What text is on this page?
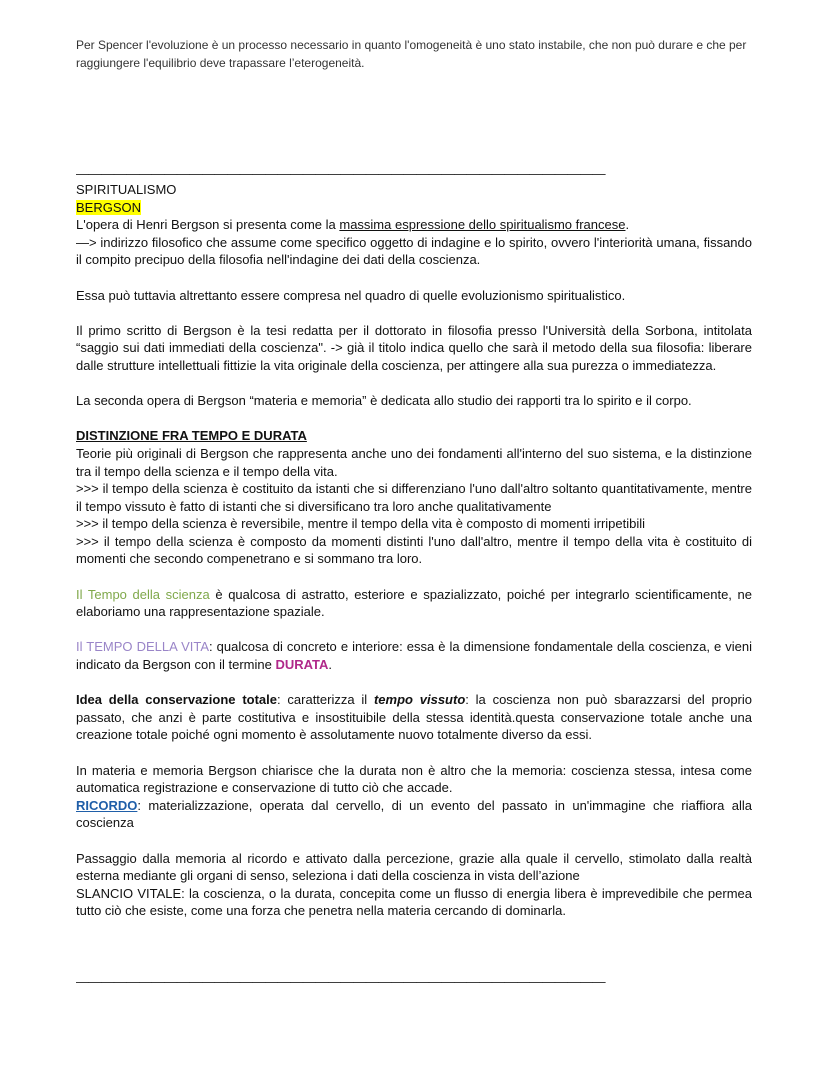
Per Spencer l'evoluzione è un processo necessario in quanto l'omogeneità è uno stato instabile, che non può durare e che per raggiungere l'equilibrio deve trapassare l’eterogeneità.

——————————————————————————————————————————

SPIRITUALISMO

BERGSON

L'opera di Henri Bergson si presenta come la massima espressione dello spiritualismo francese.

—> indirizzo filosofico che assume come specifico oggetto di indagine e lo spirito, ovvero l'interiorità umana, fissando il compito precipuo della filosofia nell'indagine dei dati della coscienza.

Essa può tuttavia altrettanto essere compresa nel quadro di quelle evoluzionismo spiritualistico.

Il primo scritto di Bergson è la tesi redatta per il dottorato in filosofia presso l'Università della Sorbona, intitolata “saggio sui dati immediati della coscienza". -> già il titolo indica quello che sarà il metodo della sua filosofia: liberare dalle strutture intellettuali fittizie la vita originale della coscienza, per attingere alla sua purezza o immediatezza.

La seconda opera di Bergson “materia e memoria” è dedicata allo studio dei rapporti tra lo spirito e il corpo.

DISTINZIONE FRA TEMPO E DURATA

Teorie più originali di Bergson che rappresenta anche uno dei fondamenti all'interno del suo sistema, e la distinzione tra il tempo della scienza e il tempo della vita.

>>> il tempo della scienza è costituito da istanti che si differenziano l'uno dall'altro soltanto quantitativamente, mentre il tempo vissuto è fatto di istanti che si diversificano tra loro anche qualitativamente

>>> il tempo della scienza è reversibile, mentre il tempo della vita è composto di momenti irripetibili

>>> il tempo della scienza è composto da momenti distinti l'uno dall'altro, mentre il tempo della vita è costituito di momenti che secondo compenetrano e si sommano tra loro.

Il Tempo della scienza è qualcosa di astratto, esteriore e spazializzato, poiché per integrarlo scientificamente, ne elaboriamo una rappresentazione spaziale.

Il TEMPO DELLA VITA: qualcosa di concreto e interiore: essa è la dimensione fondamentale della coscienza, e vieni indicato da Bergson con il termine DURATA.

Idea della conservazione totale: caratterizza il tempo vissuto: la coscienza non può sbarazzarsi del proprio passato, che anzi è parte costitutiva e insostituibile della stessa identità.questa conservazione totale anche una creazione totale poiché ogni momento è assolutamente nuovo totalmente diverso da essi.

In materia e memoria Bergson chiarisce che la durata non è altro che la memoria: coscienza stessa, intesa come automatica registrazione e conservazione di tutto ciò che accade.

RICORDO: materializzazione, operata dal cervello, di un evento del passato in un'immagine che riaffiora alla coscienza

Passaggio dalla memoria al ricordo e attivato dalla percezione, grazie alla quale il cervello, stimolato dalla realtà esterna mediante gli organi di senso, seleziona i dati della coscienza in vista dell’azione

SLANCIO VITALE: la coscienza, o la durata, concepita come un flusso di energia libera è imprevedibile che permea tutto ciò che esiste, come una forza che penetra nella materia cercando di dominarla.

——————————————————————————————————————————
